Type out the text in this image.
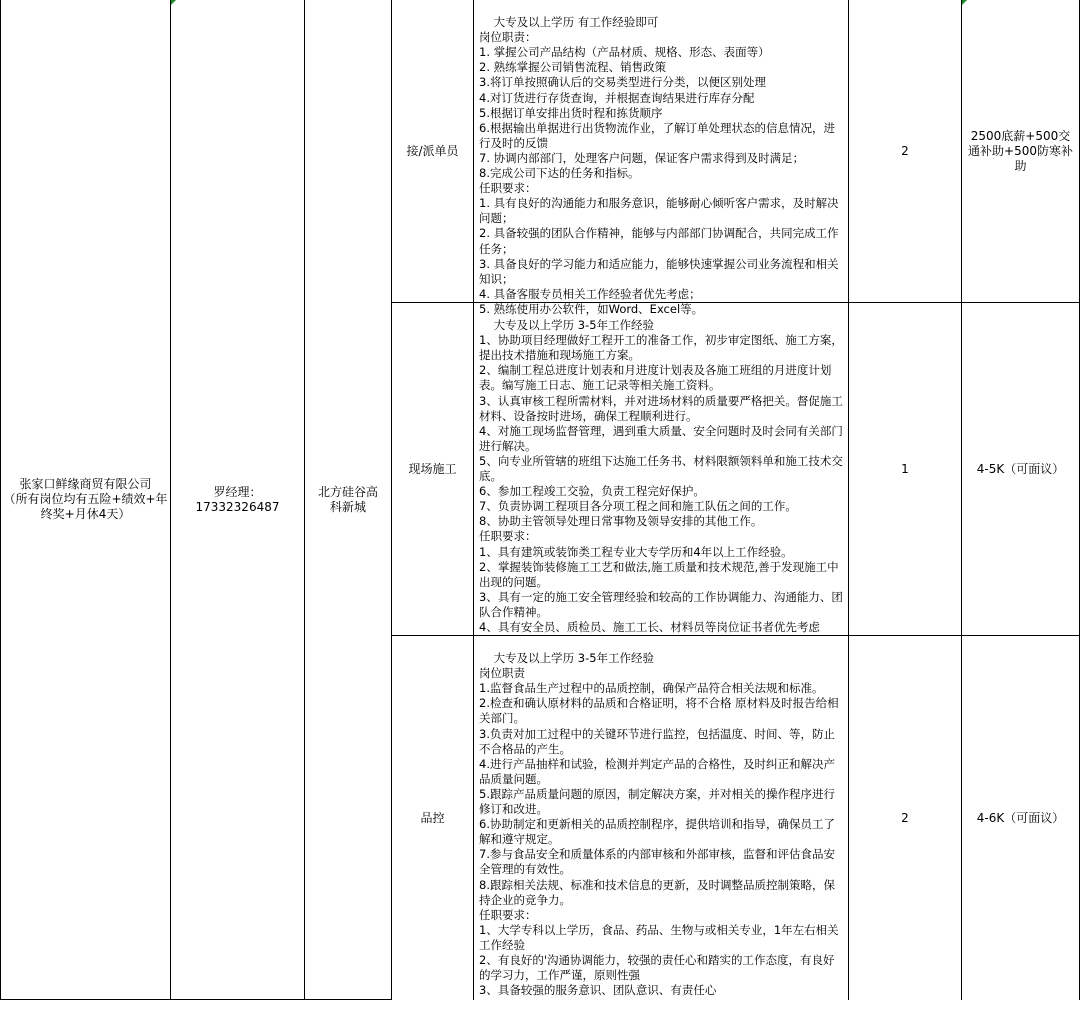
张家口鲜缘商贸有限公司
（所有岗位均有五险+绩效+年终奖+月休4天）
罗经理：
17332326487
北方硅谷高科新城
接/派单员

大专及以上学历 有工作经验即可
岗位职责：
1. 掌握公司产品结构（产品材质、规格、形态、表面等）
2. 熟练掌握公司销售流程、销售政策
3.将订单按照确认后的交易类型进行分类，以便区别处理
4.对订货进行存货查询，并根据查询结果进行库存分配
5.根据订单安排出货时程和拣货顺序
6.根据输出单据进行出货物流作业，了解订单处理状态的信息情况，进行及时的反馈
7. 协调内部部门，处理客户问题，保证客户需求得到及时满足；
8.完成公司下达的任务和指标。
任职要求：
1. 具有良好的沟通能力和服务意识，能够耐心倾听客户需求，及时解决问题；
2. 具备较强的团队合作精神，能够与内部部门协调配合，共同完成工作任务；
3. 具备良好的学习能力和适应能力，能够快速掌握公司业务流程和相关知识；
4. 具备客服专员相关工作经验者优先考虑；
5. 熟练使用办公软件，如Word、Excel等。

2
2500底薪+500交通补助+500防寒补助
现场施工

大专及以上学历 3-5年工作经验
1、协助项目经理做好工程开工的准备工作，初步审定图纸、施工方案，提出技术措施和现场施工方案。
2、编制工程总进度计划表和月进度计划表及各施工班组的月进度计划表。编写施工日志、施工记录等相关施工资料。
3、认真审核工程所需材料，并对进场材料的质量要严格把关。督促施工材料、设备按时进场，确保工程顺利进行。
4、对施工现场监督管理，遇到重大质量、安全问题时及时会同有关部门进行解决。
5、向专业所管辖的班组下达施工任务书、材料限额领料单和施工技术交底。
6、参加工程竣工交验，负责工程完好保护。
7、负责协调工程项目各分项工程之间和施工队伍之间的工作。
8、协助主管领导处理日常事物及领导安排的其他工作。
任职要求：
1、具有建筑或装饰类工程专业大专学历和4年以上工作经验。
2、掌握装饰装修施工工艺和做法,施工质量和技术规范,善于发现施工中出现的问题。
3、具有一定的施工安全管理经验和较高的工作协调能力、沟通能力、团队合作精神。
4、具有安全员、质检员、施工工长、材料员等岗位证书者优先考虑

1	4-5K（可面议）
品控

大专及以上学历 3-5年工作经验
岗位职责
1.监督食品生产过程中的品质控制，确保产品符合相关法规和标准。
2.检查和确认原材料的品质和合格证明，将不合格 原材料及时报告给相关部门。
3.负责对加工过程中的关键环节进行监控，包括温度、时间、等，防止不合格品的产生。
4.进行产品抽样和试验，检测并判定产品的合格性，及时纠正和解决产品质量问题。
5.跟踪产品质量问题的原因，制定解决方案，并对相关的操作程序进行修订和改进。
6.协助制定和更新相关的品质控制程序，提供培训和指导，确保员工了解和遵守规定。
7.参与食品安全和质量体系的内部审核和外部审核，监督和评估食品安全管理的有效性。
8.跟踪相关法规、标准和技术信息的更新，及时调整品质控制策略，保持企业的竞争力。
任职要求：
1、大学专科以上学历，食品、药品、生物与或相关专业，1年左右相关工作经验
2、有良好的'沟通协调能力，较强的责任心和踏实的工作态度，有良好的学习力，工作严谨，原则性强
3、具备较强的服务意识、团队意识、有责任心

2	4-6K（可面议）
